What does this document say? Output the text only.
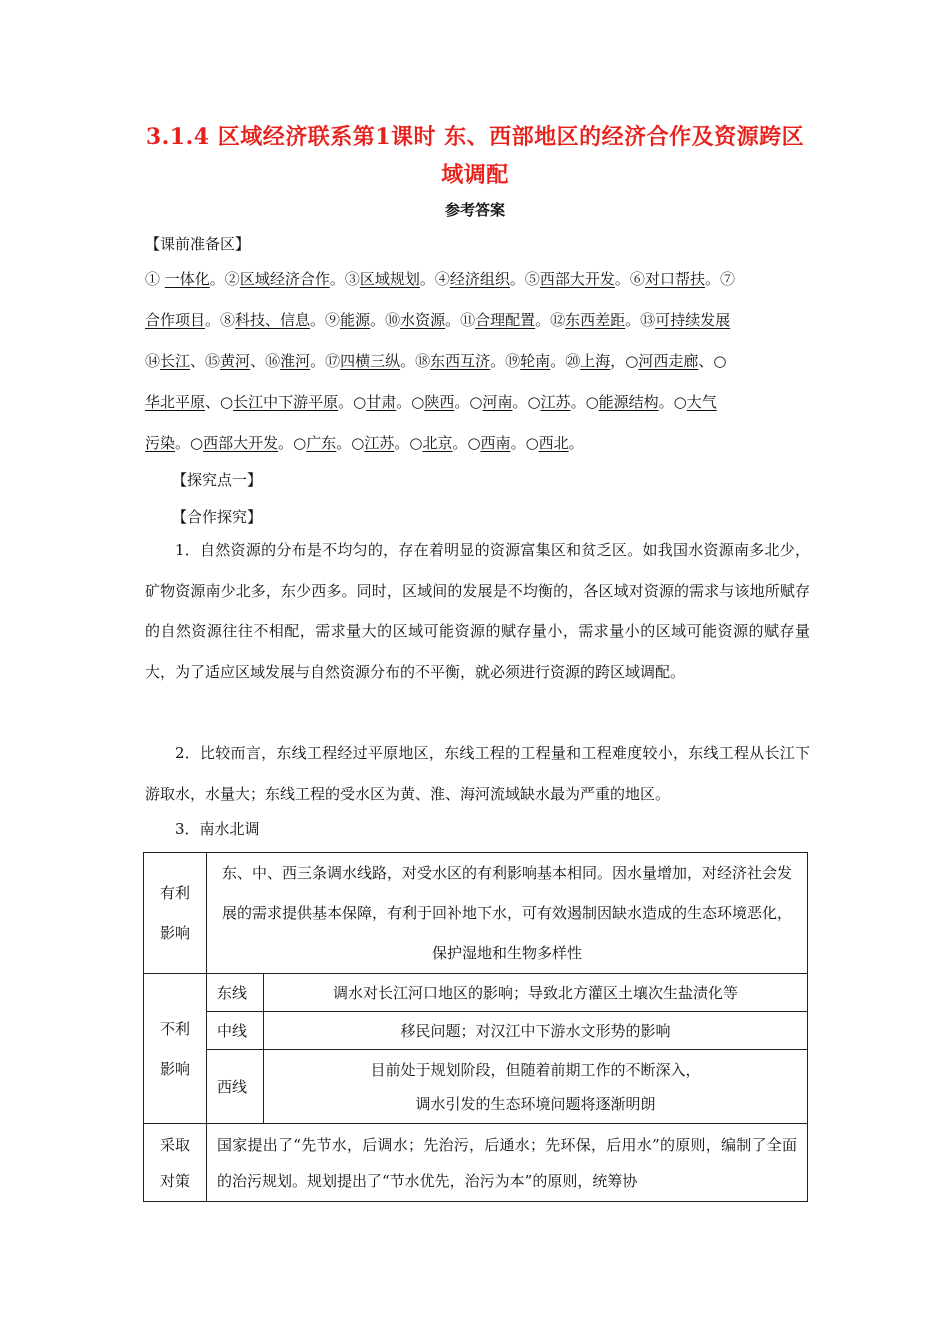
3.1.4 区域经济联系第1课时 东、西部地区的经济合作及资源跨区域调配
参考答案
【课前准备区】
① 一体化。②区域经济合作。③区域规划。④经济组织。⑤西部大开发。⑥对口帮扶。⑦
合作项目。⑧科技、信息。⑨能源。⑩水资源。⑪合理配置。⑫东西差距。⑬可持续发展
⑭长江、⑮黄河、⑯淮河。⑰四横三纵。⑱东西互济。⑲轮南。⑳上海，○河西走廊、○
华北平原、○长江中下游平原。○甘肃。○陕西。○河南。○江苏。○能源结构。○大气
污染。○西部大开发。○广东。○江苏。○北京。○西南。○西北。
【探究点一】
【合作探究】
1．自然资源的分布是不均匀的，存在着明显的资源富集区和贫乏区。如我国水资源南多北少，矿物资源南少北多，东少西多。同时，区域间的发展是不均衡的，各区域对资源的需求与该地所赋存的自然资源往往不相配，需求量大的区域可能资源的赋存量小，需求量小的区域可能资源的赋存量大，为了适应区域发展与自然资源分布的不平衡，就必须进行资源的跨区域调配。
2．比较而言，东线工程经过平原地区，东线工程的工程量和工程难度较小，东线工程从长江下游取水，水量大；东线工程的受水区为黄、淮、海河流域缺水最为严重的地区。
3．南水北调
有利
影响	东、中、西三条调水线路，对受水区的有利影响基本相同。因水量增加，对经济社会发展的需求提供基本保障，有利于回补地下水，可有效遏制因缺水造成的生态环境恶化，保护湿地和生物多样性	
不利
影响	东线	调水对长江河口地区的影响；导致北方灌区土壤次生盐渍化等
	中线	移民问题；对汉江中下游水文形势的影响
	西线	目前处于规划阶段，但随着前期工作的不断深入，
调水引发的生态环境问题将逐渐明朗
采取
对策	国家提出了“先节水，后调水；先治污，后通水；先环保，后用水”的原则，编制了全面的治污规划。规划提出了“节水优先，治污为本”的原则，统筹协	
